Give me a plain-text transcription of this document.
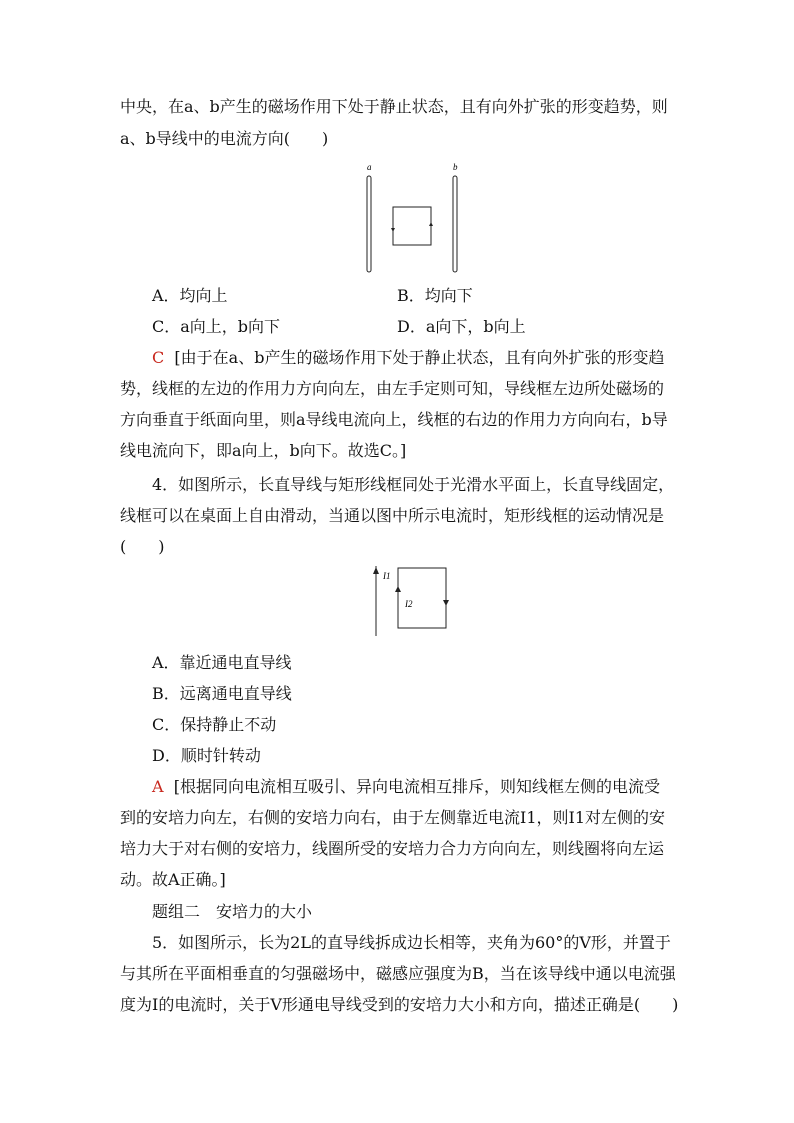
中央，在a、b产生的磁场作用下处于静止状态，且有向外扩张的形变趋势，则
a、b导线中的电流方向(　　)
a	b
A．均向上	B．均向下
C．a向上，b向下	D．a向下，b向上
C [由于在a、b产生的磁场作用下处于静止状态，且有向外扩张的形变趋
势，线框的左边的作用力方向向左，由左手定则可知，导线框左边所处磁场的
方向垂直于纸面向里，则a导线电流向上，线框的右边的作用力方向向右，b导
线电流向下，即a向上，b向下。故选C。]
4．如图所示，长直导线与矩形线框同处于光滑水平面上，长直导线固定，
线框可以在桌面上自由滑动，当通以图中所示电流时，矩形线框的运动情况是
(　　)
I1
I2
A．靠近通电直导线
B．远离通电直导线
C．保持静止不动
D．顺时针转动
A [根据同向电流相互吸引、异向电流相互排斥，则知线框左侧的电流受
到的安培力向左，右侧的安培力向右，由于左侧靠近电流I1，则I1对左侧的安
培力大于对右侧的安培力，线圈所受的安培力合力方向向左，则线圈将向左运
动。故A正确。]
题组二　安培力的大小
5．如图所示，长为2L的直导线拆成边长相等，夹角为60°的V形，并置于
与其所在平面相垂直的匀强磁场中，磁感应强度为B，当在该导线中通以电流强
度为I的电流时，关于V形通电导线受到的安培力大小和方向，描述正确是(　　)
